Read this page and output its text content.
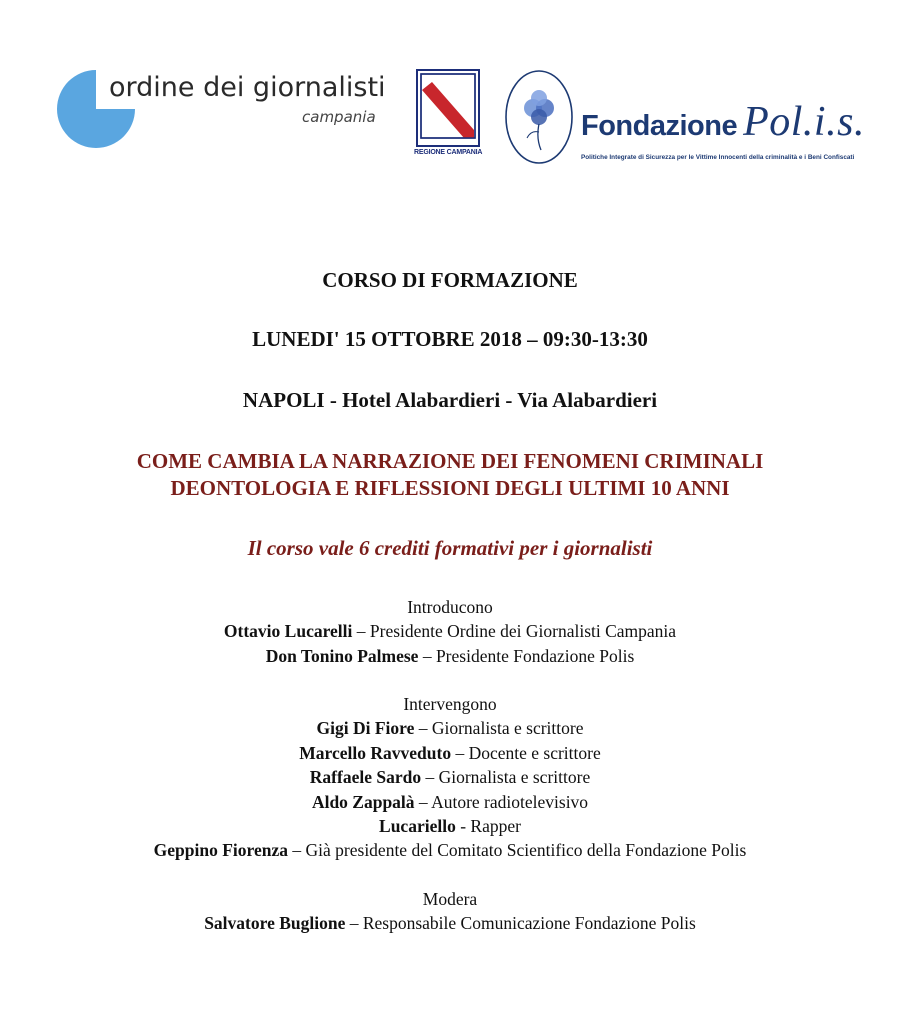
ordine dei giornalisti
campania
REGIONE CAMPANIA
Fondazione Pol.i.s.
Politiche Integrate di Sicurezza per le Vittime Innocenti della criminalità e i Beni Confiscati
CORSO DI FORMAZIONE
LUNEDI' 15 OTTOBRE 2018 – 09:30-13:30
NAPOLI - Hotel Alabardieri - Via Alabardieri
COME CAMBIA LA NARRAZIONE DEI FENOMENI CRIMINALI
DEONTOLOGIA E RIFLESSIONI DEGLI ULTIMI 10 ANNI
Il corso vale 6 crediti formativi per i giornalisti
Introducono
Ottavio Lucarelli – Presidente Ordine dei Giornalisti Campania
Don Tonino Palmese – Presidente Fondazione Polis
Intervengono
Gigi Di Fiore – Giornalista e scrittore
Marcello Ravveduto – Docente e scrittore
Raffaele Sardo – Giornalista e scrittore
Aldo Zappalà – Autore radiotelevisivo
Lucariello - Rapper
Geppino Fiorenza – Già presidente del Comitato Scientifico della Fondazione Polis
Modera
Salvatore Buglione – Responsabile Comunicazione Fondazione Polis
